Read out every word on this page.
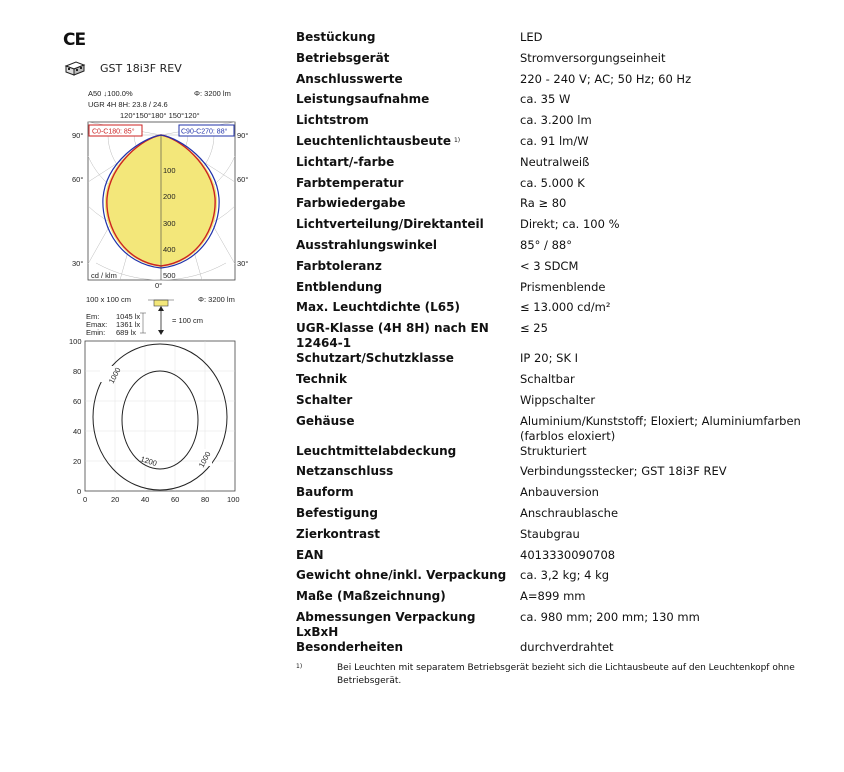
CE
GST 18i3F REV
A50 ↓100.0%
UGR 4H 8H: 23.8 / 24.6
Φ: 3200 lm
120°150°180° 150°120°
C0-C180: 85°	C90-C270: 88°
90°	90°
60°	60°
30°	30°
100
200
300
400
500
cd / klm
0°
100 x 100 cm	Φ: 3200 lm
Em: 1045 lx
Emax: 1361 lx
Emin: 689 lx
= 100 cm
1000
1200	1000
100
80
60
40
20
0
0	20	40	60	80 100
Bestückung	LED
Betriebsgerät	Stromversorgungseinheit
Anschlusswerte	220 - 240 V; AC; 50 Hz; 60 Hz
Leistungsaufnahme	ca. 35 W
Lichtstrom	ca. 3.200 lm
Leuchtenlichtausbeute $^{1)}$	ca. 91 lm/W
Lichtart/-farbe	Neutralweiß
Farbtemperatur	ca. 5.000 K
Farbwiedergabe	Ra ≥ 80
Lichtverteilung/Direktanteil	Direkt; ca. 100 %
Ausstrahlungswinkel	85° / 88°
Farbtoleranz	< 3 SDCM
Entblendung	Prismenblende
Max. Leuchtdichte (L65)	≤ 13.000 cd/m²
UGR-Klasse (4H 8H) nach EN 12464-1	≤ 25
Schutzart/Schutzklasse	IP 20; SK I
Technik	Schaltbar
Schalter	Wippschalter
Gehäuse	Aluminium/Kunststoff; Eloxiert; Aluminiumfarben (farblos eloxiert)
Leuchtmittelabdeckung	Strukturiert
Netzanschluss	Verbindungsstecker; GST 18i3F REV
Bauform	Anbauversion
Befestigung	Anschraublasche
Zierkontrast	Staubgrau
EAN	4013330090708
Gewicht ohne/inkl. Verpackung	ca. 3,2 kg; 4 kg
Maße (Maßzeichnung)	A=899 mm
Abmessungen Verpackung LxBxH	ca. 980 mm; 200 mm; 130 mm
Besonderheiten	durchverdrahtet
1)	Bei Leuchten mit separatem Betriebsgerät bezieht sich die Lichtausbeute auf den Leuchtenkopf ohne Betriebsgerät.
